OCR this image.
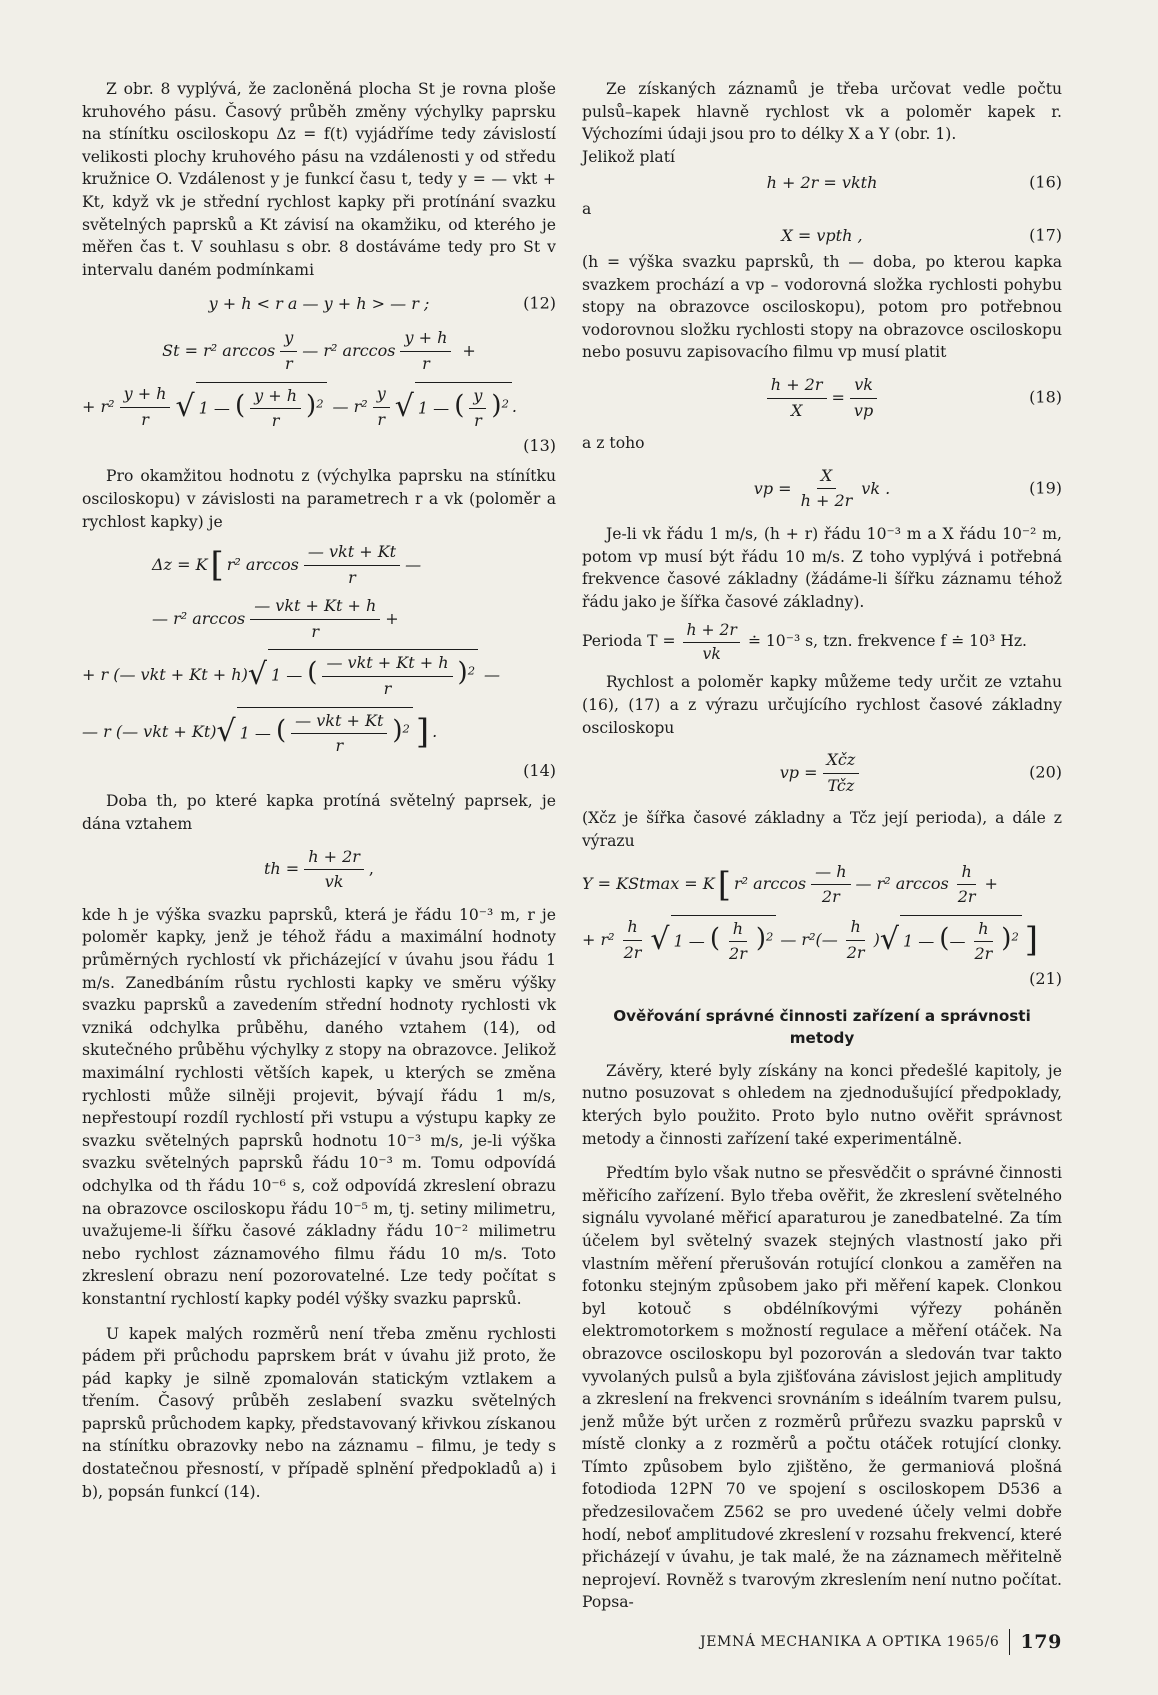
Z obr. 8 vyplývá, že zacloněná plocha St je rovna ploše kruhového pásu. Časový průběh změny výchylky paprsku na stínítku osciloskopu Δz = f(t) vyjádříme tedy závislostí velikosti plochy kruhového pásu na vzdálenosti y od středu kružnice O. Vzdálenost y je funkcí času t, tedy y = — vkt + Kt, když vk je střední rychlost kapky při protínání svazku světelných paprsků a Kt závisí na okamžiku, od kterého je měřen čas t. V souhlasu s obr. 8 dostáváme tedy pro St v intervalu daném podmínkami

y + h < r a — y + h > — r ;	(12)
St = r² $\arccos \frac{y}{r}$ — r² $\arccos \frac{y + h}{r}$ +
+ $r^2 \frac{y + h}{r}$ √ 1 — ( $\frac{y + h}{r} )^2$ — $r^2 \frac{y}{r}$ √ 1 — ( $\frac{y}{r} )^2$ .
(13)

Pro okamžitou hodnotu z (výchylka paprsku na stínítku osciloskopu) v závislosti na parametrech r a vk (poloměr a rychlost kapky) je

Δz = K [ r² $\arccos \frac{\text{— vkt + Kt}}{r}$ —
— r² $\arccos \frac{\text{— vkt + Kt + h}}{r}$ +
+ r (— vkt + Kt + h) √ 1 — ( $\frac{\text{— vkt + Kt + h}}{r} )^2$ —
— r (— vkt + Kt) √ 1 — ( $\frac{\text{— vkt + Kt}}{r} )^2$ ] .
(14)

Doba th, po které kapka protíná světelný paprsek, je dána vztahem

th = $\frac{h + 2r}{vk}$ ,

kde h je výška svazku paprsků, která je řádu 10⁻³ m, r je poloměr kapky, jenž je téhož řádu a maximální hodnoty průměrných rychlostí vk přicházející v úvahu jsou řádu 1 m/s. Zanedbáním růstu rychlosti kapky ve směru výšky svazku paprsků a zavedením střední hodnoty rychlosti vk vzniká odchylka průběhu, daného vztahem (14), od skutečného průběhu výchylky z stopy na obrazovce. Jelikož maximální rychlosti větších kapek, u kterých se změna rychlosti může silněji projevit, bývají řádu 1 m/s, nepřestoupí rozdíl rychlostí při vstupu a výstupu kapky ze svazku světelných paprsků hodnotu 10⁻³ m/s, je-li výška svazku světelných paprsků řádu 10⁻³ m. Tomu odpovídá odchylka od th řádu 10⁻⁶ s, což odpovídá zkreslení obrazu na obrazovce osciloskopu řádu 10⁻⁵ m, tj. setiny milimetru, uvažujeme-li šířku časové základny řádu 10⁻² milimetru nebo rychlost záznamového filmu řádu 10 m/s. Toto zkreslení obrazu není pozorovatelné. Lze tedy počítat s konstantní rychlostí kapky podél výšky svazku paprsků.

U kapek malých rozměrů není třeba změnu rychlosti pádem při průchodu paprskem brát v úvahu již proto, že pád kapky je silně zpomalován statickým vztlakem a třením. Časový průběh zeslabení svazku světelných paprsků průchodem kapky, představovaný křivkou získanou na stínítku obrazovky nebo na záznamu – filmu, je tedy s dostatečnou přesností, v případě splnění předpokladů a) i b), popsán funkcí (14).

Ze získaných záznamů je třeba určovat vedle počtu pulsů–kapek hlavně rychlost vk a poloměr kapek r. Výchozími údaji jsou pro to délky X a Y (obr. 1).

Jelikož platí

h + 2r = vkth	(16)
a
X = vpth ,	(17)

(h = výška svazku paprsků, th — doba, po kterou kapka svazkem prochází a vp – vodorovná složka rychlosti pohybu stopy na obrazovce osciloskopu), potom pro potřebnou vodorovnou složku rychlosti stopy na obrazovce osciloskopu nebo posuvu zapisovacího filmu vp musí platit

$\frac{h + 2r}{X} = \frac{vk}{vp}$	(18)
a z toho
vp = $\frac{X}{h + 2r}$ vk .	(19)

Je-li vk řádu 1 m/s, (h + r) řádu 10⁻³ m a X řádu 10⁻² m, potom vp musí být řádu 10 m/s. Z toho vyplývá i potřebná frekvence časové základny (žádáme-li šířku záznamu téhož řádu jako je šířka časové základny).

Perioda $T = \frac{h + 2r}{vk}$ ≐ 10⁻³ s, tzn. frekvence f ≐ 10³ Hz.

Rychlost a poloměr kapky můžeme tedy určit ze vztahu (16), (17) a z výrazu určujícího rychlost časové základny osciloskopu

vp = $\frac{\text{Xčz}}{\text{Tčz}}$	(20)

(Xčz je šířka časové základny a Tčz její perioda), a dále z výrazu

Y = KStmax = K [ r² $\arccos \frac{— h}{2r}$ — r² $\arccos \frac{h}{2r}$ +
+ $r^2 \frac{h}{2r}$ √ 1 — ( $\frac{h}{2r} )^2$ — r²(— $\frac{h}{2r}$ ) √ 1 — (— $\frac{h}{2r} )^2$ ]
(21)
Ověřování správné činnosti zařízení a správnosti metody

Závěry, které byly získány na konci předešlé kapitoly, je nutno posuzovat s ohledem na zjednodušující předpoklady, kterých bylo použito. Proto bylo nutno ověřit správnost metody a činnosti zařízení také experimentálně.

Předtím bylo však nutno se přesvědčit o správné činnosti měřicího zařízení. Bylo třeba ověřit, že zkreslení světelného signálu vyvolané měřicí aparaturou je zanedbatelné. Za tím účelem byl světelný svazek stejných vlastností jako při vlastním měření přerušován rotující clonkou a zaměřen na fotonku stejným způsobem jako při měření kapek. Clonkou byl kotouč s obdélníkovými výřezy poháněn elektromotorkem s možností regulace a měření otáček. Na obrazovce osciloskopu byl pozorován a sledován tvar takto vyvolaných pulsů a byla zjišťována závislost jejich amplitudy a zkreslení na frekvenci srovnáním s ideálním tvarem pulsu, jenž může být určen z rozměrů průřezu svazku paprsků v místě clonky a z rozměrů a počtu otáček rotující clonky. Tímto způsobem bylo zjištěno, že germaniová plošná fotodioda 12PN 70 ve spojení s osciloskopem D536 a předzesilovačem Z562 se pro uvedené účely velmi dobře hodí, neboť amplitudové zkreslení v rozsahu frekvencí, které přicházejí v úvahu, je tak malé, že na záznamech měřitelně neprojeví. Rovněž s tvarovým zkreslením není nutno počítat. Popsa-

JEMNÁ MECHANIKA A OPTIKA 1965/6 179
